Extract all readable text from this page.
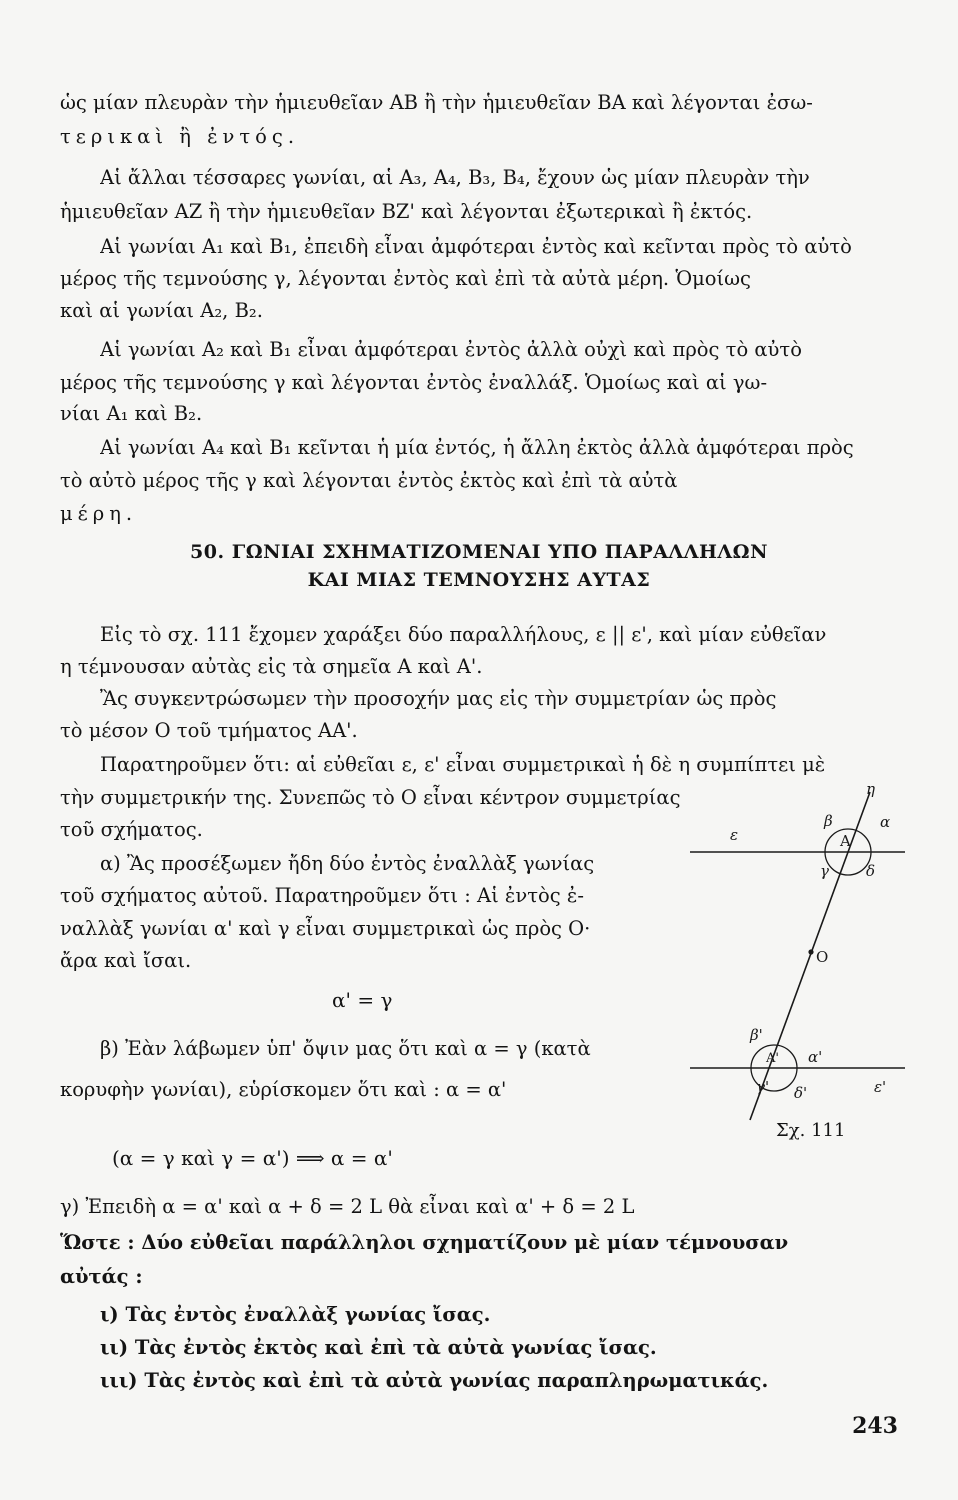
ὡς μίαν πλευρὰν τὴν ἡμιευθεῖαν ΑΒ ἢ τὴν ἡμιευθεῖαν ΒΑ καὶ λέγονται ἐσω-
τερικαὶ ἢ ἐντός.
Αἱ ἄλλαι τέσσαρες γωνίαι, αἱ Α₃, Α₄, Β₃, Β₄, ἔχουν ὡς μίαν πλευρὰν τὴν
ἡμιευθεῖαν ΑΖ ἢ τὴν ἡμιευθεῖαν ΒΖ' καὶ λέγονται ἐξωτερικαὶ ἢ ἐκτός.
Αἱ γωνίαι Α₁ καὶ Β₁, ἐπειδὴ εἶναι ἀμφότεραι ἐντὸς καὶ κεῖνται πρὸς τὸ αὐτὸ
μέρος τῆς τεμνούσης γ, λέγονται ἐντὸς καὶ ἐπὶ τὰ αὐτὰ μέρη. Ὁμοίως
καὶ αἱ γωνίαι Α₂, Β₂.
Αἱ γωνίαι Α₂ καὶ Β₁ εἶναι ἀμφότεραι ἐντὸς ἀλλὰ οὐχὶ καὶ πρὸς τὸ αὐτὸ
μέρος τῆς τεμνούσης γ καὶ λέγονται ἐντὸς ἐναλλάξ. Ὁμοίως καὶ αἱ γω-
νίαι Α₁ καὶ Β₂.
Αἱ γωνίαι Α₄ καὶ Β₁ κεῖνται ἡ μία ἐντός, ἡ ἄλλη ἐκτὸς ἀλλὰ ἀμφότεραι πρὸς
τὸ αὐτὸ μέρος τῆς γ καὶ λέγονται ἐντὸς ἐκτὸς καὶ ἐπὶ τὰ αὐτὰ
μέρη.
50. ΓΩΝΙΑΙ ΣΧΗΜΑΤΙΖΟΜΕΝΑΙ ΥΠΟ ΠΑΡΑΛΛΗΛΩΝ
ΚΑΙ ΜΙΑΣ ΤΕΜΝΟΥΣΗΣ ΑΥΤΑΣ
Εἰς τὸ σχ. 111 ἔχομεν χαράξει δύο παραλλήλους, ε || ε', καὶ μίαν εὐθεῖαν
η τέμνουσαν αὐτὰς εἰς τὰ σημεῖα Α καὶ Α'.
Ἂς συγκεντρώσωμεν τὴν προσοχήν μας εἰς τὴν συμμετρίαν ὡς πρὸς
τὸ μέσον Ο τοῦ τμήματος ΑΑ'.
Παρατηροῦμεν ὅτι: αἱ εὐθεῖαι ε, ε' εἶναι συμμετρικαὶ ἡ δὲ η συμπίπτει μὲ
τὴν συμμετρικήν της. Συνεπῶς τὸ Ο εἶναι κέντρον συμμετρίας
τοῦ σχήματος.
α) Ἂς προσέξωμεν ἤδη δύο ἐντὸς ἐναλλὰξ γωνίας
τοῦ σχήματος αὐτοῦ. Παρατηροῦμεν ὅτι : Αἱ ἐντὸς ἐ-
ναλλὰξ γωνίαι α' καὶ γ εἶναι συμμετρικαὶ ὡς πρὸς Ο·
ἄρα καὶ ἴσαι.
α' = γ
β) Ἐὰν λάβωμεν ὑπ' ὄψιν μας ὅτι καὶ α = γ (κατὰ
κορυφὴν γωνίαι), εὑρίσκομεν ὅτι καὶ : α = α'
(α = γ καὶ γ = α') ⟹ α = α'
γ) Ἐπειδὴ α = α' καὶ α + δ = 2 L θὰ εἶναι καὶ α' + δ = 2 L
Ὥστε : Δύο εὐθεῖαι παράλληλοι σχηματίζουν μὲ μίαν τέμνουσαν
αὐτάς :
ι) Τὰς ἐντὸς ἐναλλὰξ γωνίας ἴσας.
ιι) Τὰς ἐντὸς ἐκτὸς καὶ ἐπὶ τὰ αὐτὰ γωνίας ἴσας.
ιιι) Τὰς ἐντὸς καὶ ἐπὶ τὰ αὐτὰ γωνίας παραπληρωματικάς.
η
ε
ε'
Α
Α'
Ο
α
β
γ δ
α'
β'
γ' δ'
Σχ. 111
243
